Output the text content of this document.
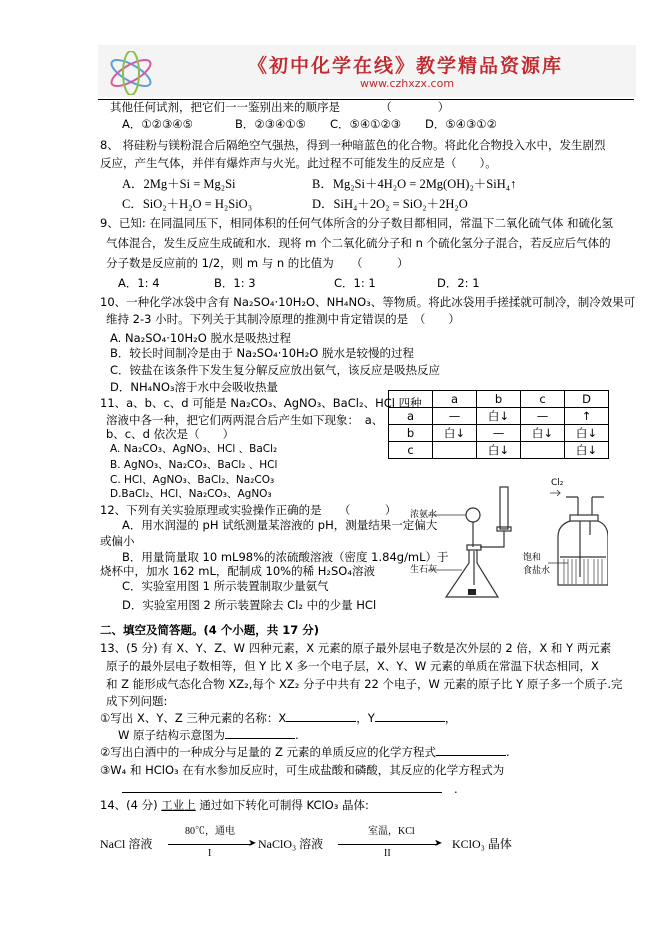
《初中化学在线》教学精品资源库
www.czhxzx.com
其他任何试剂，把它们一一鉴别出来的顺序是　　　　（　　　　）
A．①②③④⑤	B．②③④①⑤ C．⑤④①②③ D．⑤④③①②
8、 将硅粉与镁粉混合后隔绝空气强热，得到一种暗蓝色的化合物。将此化合物投入水中，发生剧烈
反应，产生气体，并伴有爆炸声与火光。此过程不可能发生的反应是（　　）。
A．2Mg＋Si = Mg₂Si	B．Mg₂Si＋4H₂O = 2Mg(OH)₂＋SiH₄↑
C．SiO₂＋H₂O = H₂SiO₃	D．SiH₄＋2O₂ = SiO₂＋2H₂O
9、已知: 在同温同压下，相同体积的任何气体所含的分子数目都相同，常温下二氧化硫气体 和硫化氢
气体混合，发生反应生成硫和水．现将 m 个二氧化硫分子和 n 个硫化氢分子混合，若反应后气体的
分子数是反应前的 1/2，则 m 与 n 的比值为　　（　　　）
A．1: 4	B．1: 3	C．1: 1	D．2: 1
10、一种化学冰袋中含有 Na₂SO₄·10H₂O、NH₄NO₃、等物质。将此冰袋用手搓揉就可制冷，制冷效果可
维持 2-3 小时。下列关于其制冷原理的推测中肯定错误的是　（　　）
A. Na₂SO₄·10H₂O 脱水是吸热过程
B．较长时间制冷是由于 Na₂SO₄·10H₂O 脱水是较慢的过程
C．铵盐在该条件下发生复分解反应放出氨气，该反应是吸热反应
D．NH₄NO₃溶于水中会吸收热量
11、a、b、c、d 可能是 Na₂CO₃、AgNO₃、BaCl₂、HCl 四种
溶液中各一种，把它们两两混合后产生如下现象：　a、
b、c、d 依次是（　　）
A. Na₂CO₃、AgNO₃、HCl 、BaCl₂
B. AgNO₃、Na₂CO₃、BaCl₂ 、HCl
C. HCl、AgNO₃、BaCl₂、Na₂CO₃
D.BaCl₂、HCl、Na₂CO₃、AgNO₃
	a	b	c	D
a	—	白↓	—	↑
b	白↓	—	白↓	白↓
c		白↓		白↓
12、下列有关实验原理或实验操作正确的是　　（　　　）
A．用水润湿的 pH 试纸测量某溶液的 pH，测量结果一定偏大
或偏小
B．用量筒量取 10 mL98%的浓硫酸溶液（密度 1.84g/mL）于
烧杯中，加水 162 mL，配制成 10%的稀 H₂SO₄溶液
C．实验室用图 1 所示装置制取少量氨气
D．实验室用图 2 所示装置除去 Cl₂ 中的少量 HCl
浓氨水
生石灰
Cl₂
饱和
食盐水
二、填空及简答题。(4 个小题，共 17 分)
13、(5 分) 有 X、Y、Z、W 四种元素，X 元素的原子最外层电子数是次外层的 2 倍，X 和 Y 两元素
原子的最外层电子数相等，但 Y 比 X 多一个电子层，X、Y、W 元素的单质在常温下状态相同，X
和 Z 能形成气态化合物 XZ₂,每个 XZ₂ 分子中共有 22 个电子，W 元素的原子比 Y 原子多一个质子.完
成下列问题:
①写出 X、Y、Z 三种元素的名称：X	，Y	，
W 原子结构示意图为	.
②写出白酒中的一种成分与足量的 Z 元素的单质反应的化学方程式	.
③W₄ 和 HClO₃ 在有水参加反应时，可生成盐酸和磷酸，其反应的化学方程式为
.
14、(4 分) 工业上 通过如下转化可制得 KClO₃ 晶体:
NaCl 溶液
80℃，通电
➤
I
NaClO₃ 溶液
室温，KCl
➤
II
KClO₃ 晶体
